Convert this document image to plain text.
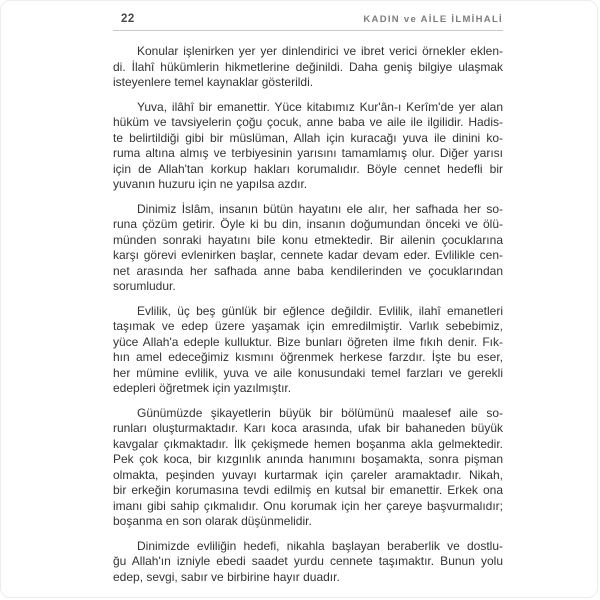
22	KADIN ve AİLE İLMİHALİ
Konular işlenirken yer yer dinlendirici ve ibret verici örnekler eklen-
di. İlahî hükümlerin hikmetlerine değinildi. Daha geniş bilgiye ulaşmak
isteyenlere temel kaynaklar gösterildi.
Yuva, ilâhî bir emanettir. Yüce kitabımız Kur'ân-ı Kerîm'de yer alan
hüküm ve tavsiyelerin çoğu çocuk, anne baba ve aile ile ilgilidir. Hadis-
te belirtildiği gibi bir müslüman, Allah için kuracağı yuva ile dinini ko-
ruma altına almış ve terbiyesinin yarısını tamamlamış olur. Diğer yarısı
için de Allah'tan korkup hakları korumalıdır. Böyle cennet hedefli bir
yuvanın huzuru için ne yapılsa azdır.
Dinimiz İslâm, insanın bütün hayatını ele alır, her safhada her so-
runa çözüm getirir. Öyle ki bu din, insanın doğumundan önceki ve ölü-
münden sonraki hayatını bile konu etmektedir. Bir ailenin çocuklarına
karşı görevi evlenirken başlar, cennete kadar devam eder. Evlilikle cen-
net arasında her safhada anne baba kendilerinden ve çocuklarından
sorumludur.
Evlilik, üç beş günlük bir eğlence değildir. Evlilik, ilahî emanetleri
taşımak ve edep üzere yaşamak için emredilmiştir. Varlık sebebimiz,
yüce Allah'a edeple kulluktur. Bize bunları öğreten ilme fıkıh denir. Fık-
hın amel edeceğimiz kısmını öğrenmek herkese farzdır. İşte bu eser,
her mümine evlilik, yuva ve aile konusundaki temel farzları ve gerekli
edepleri öğretmek için yazılmıştır.
Günümüzde şikayetlerin büyük bir bölümünü maalesef aile so-
runları oluşturmaktadır. Karı koca arasında, ufak bir bahaneden büyük
kavgalar çıkmaktadır. İlk çekişmede hemen boşanma akla gelmektedir.
Pek çok koca, bir kızgınlık anında hanımını boşamakta, sonra pişman
olmakta, peşinden yuvayı kurtarmak için çareler aramaktadır. Nikah,
bir erkeğin korumasına tevdi edilmiş en kutsal bir emanettir. Erkek ona
imanı gibi sahip çıkmalıdır. Onu korumak için her çareye başvurmalıdır;
boşanma en son olarak düşünmelidir.
Dinimizde evliliğin hedefi, nikahla başlayan beraberlik ve dostlu-
ğu Allah'ın izniyle ebedi saadet yurdu cennete taşımaktır. Bunun yolu
edep, sevgi, sabır ve birbirine hayır duadır.
